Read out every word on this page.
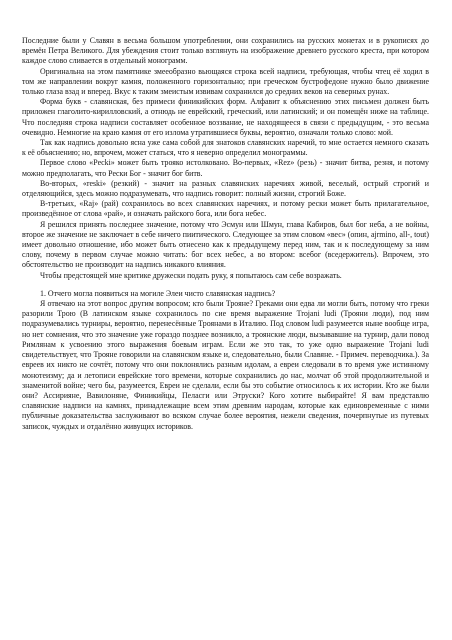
Последние были у Славян в весьма большом употреблении, они сохранились на русских монетах и в рукописях до времён Петра Великого. Для убеждения стоит только взглянуть на изображение древнего русского креста, при котором каждое слово сливается в отдельный монограмм.

Оригинальна на этом памятнике змееобразно вьющаяся строка всей надписи, требующая, чтобы чтец её ходил в том же направлении вокруг камня, положенного горизонтально; при греческом бустрофедоне нужно было движение только глаза взад и вперед. Вкус к таким змеистым извивам сохранился до средних веков на северных рунах.

Форма букв - славянская, без примеси финикийских форм. Алфавит к объяснению этих письмен должен быть приложен глаголито-кирилловский, а отнюдь не еврейский, греческий, или латинский; и он помещён ниже на таблице. Что последняя строка надписи составляет особенное воззвание, не находящееся в связи с предыдущим, - это весьма очевидно. Немногие на краю камня от его излома утратившиеся буквы, вероятно, означали только слово: мой.

Так как надпись довольно ясна уже сама собой для знатоков славянских наречий, то мне остается немного сказать к её объяснению; но, впрочем, может статься, что я неверно определил монограммы.

Первое слово «Pecki» может быть трояко истолковано. Во-первых, «Rez» (резь) - значит битва, резня, и потому можно предполагать, что Реcки Бог - значит бог битв.

Во-вторых, «reski» (резкий) - значит на разных славянских наречиях живой, веселый, острый строгий и отделяющийся, здесь можно подразумевать, что надпись говорит: полный жизни, строгий Боже.

В-третьих, «Raj» (рай) сохранилось во всех славянских наречиях, и потому рески может быть прилагательное, произведённое от слова «рай», и означать райского бога, или бога небес.

Я решился принять последнее значение, потому что Эсмун или Шмун, глава Кабиров, был бог неба, а не войны, второе же значение не заключает в себе ничего пиитического. Следующее за этим словом «вес» (опин, ajrmino, all-, tout) имеет довольно отношение, ибо может быть отнесено как к предыдущему перед ним, так и к последующему за ним слову, почему в первом случае можно читать: бог всех небес, а во втором: всебог (вседержитель). Впрочем, это обстоятельство не производит на надпись никакого влияния.

Чтобы предстоящей мне критике дружески подать руку, я попытаюсь сам себе возражать.

1. Отчего могла появиться на могиле Элеи чисто славянская надпись?

Я отвечаю на этот вопрос другим вопросом; кто были Трояне? Греками они едва ли могли быть, потому что греки разорили Трою (В латинском языке сохранилось по сие время выражение Trojani ludi (Трояни люди), под ним подразумевались турниры, вероятно, перенесённые Троянами в Италию. Под словом ludi разумеется ныне вообще игра, но нет сомнения, что это значение уже гораздо позднее возникло, а троянские люди, вызывавшие на турнир, дали повод Римлянам к усвоению этого выражения боевым играм. Если же это так, то уже одно выражение Trojani ludi свидетельствует, что Трояне говорили на славянском языке и, следовательно, были Славяне. - Примеч. переводчика.). За евреев их никто не сочтёт, потому что они поклонялись разным идолам, а евреи следовали в то время уже истинному монотеизму; да и летописи еврейские того времени, которые сохранились до нас, молчат об этой продолжительной и знаменитой войне; чего бы, разумеется, Евреи не сделали, если бы это событие относилось к их истории. Кто же были они? Ассирияне, Вавилоняне, Финикийцы, Пеласги или Этруски? Кого хотите выбирайте! Я вам представлю славянские надписи на камнях, принадлежащие всем этим древним народам, которые как единовременные с ними публичные доказательства заслуживают во всяком случае более вероятия, нежели сведения, почерпнутые из путевых записок, чуждых и отдалённо живущих историков.
